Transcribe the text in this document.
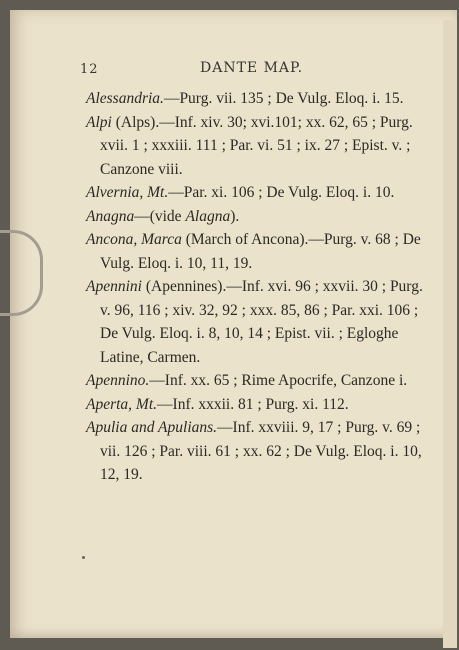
12	DANTE MAP.

Alessandria.—Purg. vii. 135 ; De Vulg. Eloq. i. 15.

Alpi (Alps).—Inf. xiv. 30; xvi.101; xx. 62, 65 ; Purg. xvii. 1 ; xxxiii. 111 ; Par. vi. 51 ; ix. 27 ; Epist. v. ; Canzone viii.

Alvernia, Mt.—Par. xi. 106 ; De Vulg. Eloq. i. 10.

Anagna—(vide Alagna).

Ancona, Marca (March of Ancona).—Purg. v. 68 ; De Vulg. Eloq. i. 10, 11, 19.

Apennini (Apennines).—Inf. xvi. 96 ; xxvii. 30 ; Purg. v. 96, 116 ; xiv. 32, 92 ; xxx. 85, 86 ; Par. xxi. 106 ; De Vulg. Eloq. i. 8, 10, 14 ; Epist. vii. ; Egloghe Latine, Carmen.

Apennino.—Inf. xx. 65 ; Rime Apocrife, Canzone i.

Aperta, Mt.—Inf. xxxii. 81 ; Purg. xi. 112.

Apulia and Apulians.—Inf. xxviii. 9, 17 ; Purg. v. 69 ; vii. 126 ; Par. viii. 61 ; xx. 62 ; De Vulg. Eloq. i. 10, 12, 19.
